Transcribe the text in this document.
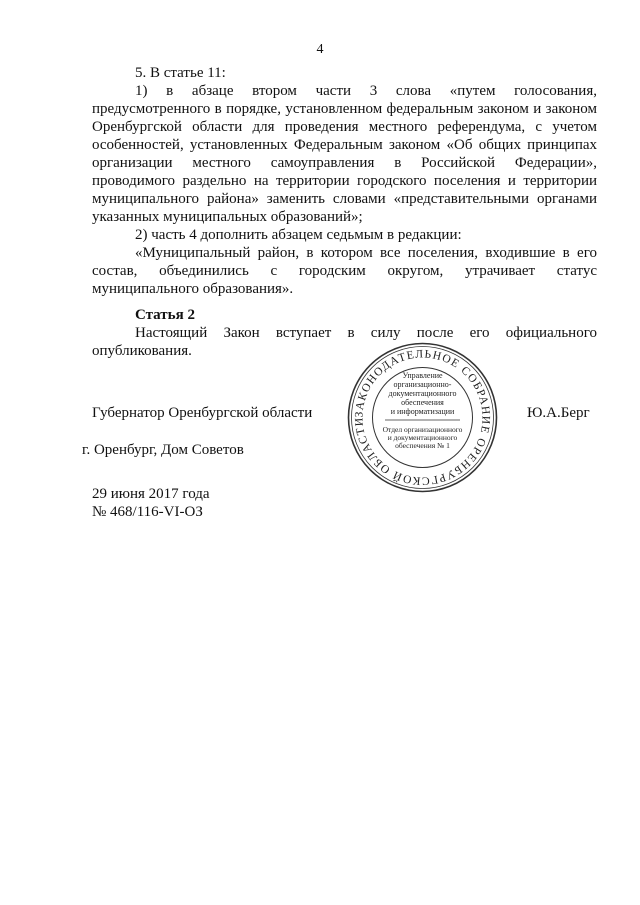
4
5. В статье 11:
1) в абзаце втором части 3 слова «путем голосования, предусмотренного в порядке, установленном федеральным законом и законом Оренбургской области для проведения местного референдума, с учетом особенностей, установленных Федеральным законом «Об общих принципах организации местного самоуправления в Российской Федерации», проводимого раздельно на территории городского поселения и территории муниципального района» заменить словами «представительными органами указанных муниципальных образований»;
2) часть 4 дополнить абзацем седьмым в редакции:
«Муниципальный район, в котором все поселения, входившие в его состав, объединились с городским округом, утрачивает статус муниципального образования».
Статья 2
Настоящий Закон вступает в силу после его официального опубликования.
Губернатор Оренбургской области	Ю.А.Берг
г. Оренбург, Дом Советов
29 июня 2017 года
№ 468/116-VI-ОЗ
ЗАКОНОДАТЕЛЬНОЕ СОБРАНИЕ ОРЕНБУРГСКОЙ ОБЛАСТИ
Управление
организационно-
документационного
обеспечения
и информатизации
Отдел организационного
и документационного
обеспечения № 1
